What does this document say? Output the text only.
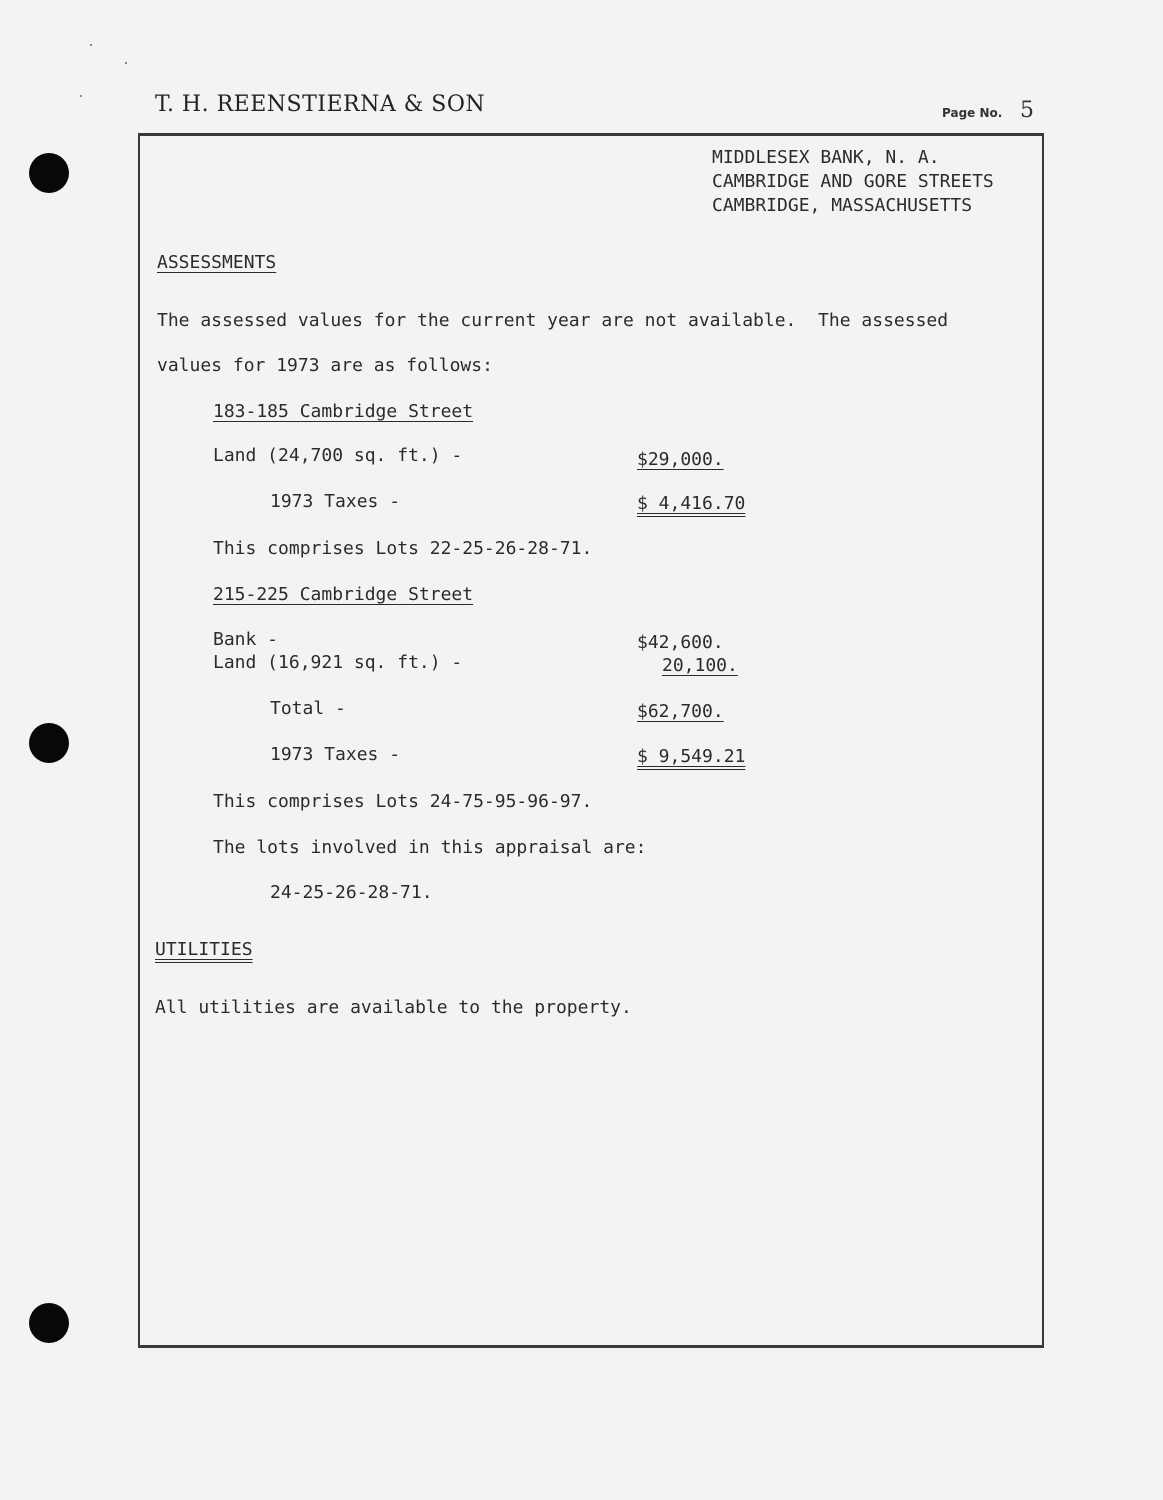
T. H. REENSTIERNA & SON	Page No. 5
MIDDLESEX BANK, N. A.
CAMBRIDGE AND GORE STREETS
CAMBRIDGE, MASSACHUSETTS
ASSESSMENTS
The assessed values for the current year are not available.  The assessed
values for 1973 are as follows:
183-185 Cambridge Street
Land (24,700 sq. ft.) -	$29,000.
1973 Taxes -	$ 4,416.70
This comprises Lots 22-25-26-28-71.
215-225 Cambridge Street
Bank -	$42,600.
Land (16,921 sq. ft.) -	20,100.
Total -	$62,700.
1973 Taxes -	$ 9,549.21
This comprises Lots 24-75-95-96-97.
The lots involved in this appraisal are:
24-25-26-28-71.
UTILITIES
All utilities are available to the property.
